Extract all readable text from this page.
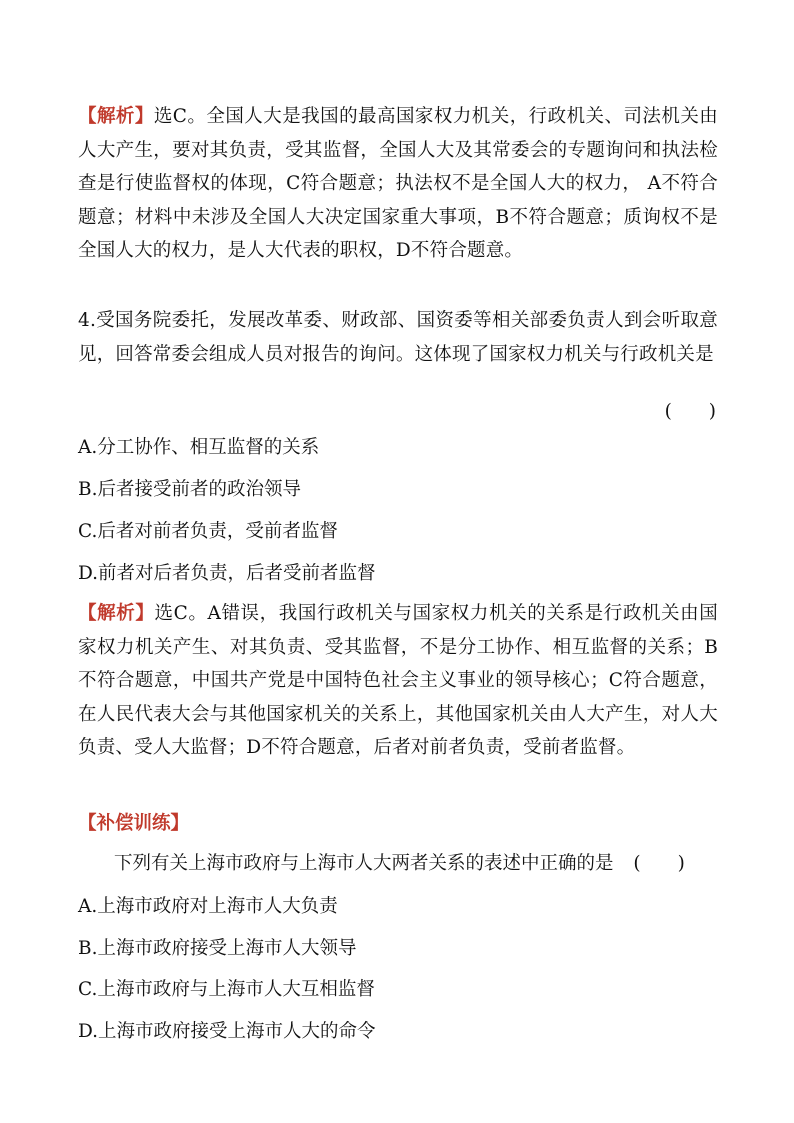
【解析】选C。全国人大是我国的最高国家权力机关，行政机关、司法机关由人大产生，要对其负责，受其监督，全国人大及其常委会的专题询问和执法检查是行使监督权的体现，C符合题意；执法权不是全国人大的权力， A不符合题意；材料中未涉及全国人大决定国家重大事项，B不符合题意；质询权不是全国人大的权力，是人大代表的职权，D不符合题意。
4.受国务院委托，发展改革委、财政部、国资委等相关部委负责人到会听取意见，回答常委会组成人员对报告的询问。这体现了国家权力机关与行政机关是
(　　)
A.分工协作、相互监督的关系
B.后者接受前者的政治领导
C.后者对前者负责，受前者监督
D.前者对后者负责，后者受前者监督
【解析】选C。A错误，我国行政机关与国家权力机关的关系是行政机关由国家权力机关产生、对其负责、受其监督，不是分工协作、相互监督的关系；B不符合题意，中国共产党是中国特色社会主义事业的领导核心；C符合题意，在人民代表大会与其他国家机关的关系上，其他国家机关由人大产生，对人大负责、受人大监督；D不符合题意，后者对前者负责，受前者监督。
【补偿训练】
下列有关上海市政府与上海市人大两者关系的表述中正确的是 (　　)
A.上海市政府对上海市人大负责
B.上海市政府接受上海市人大领导
C.上海市政府与上海市人大互相监督
D.上海市政府接受上海市人大的命令
